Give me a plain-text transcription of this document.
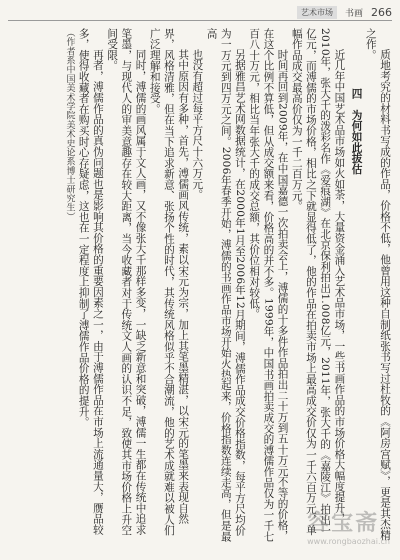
艺术市场	书画 266

质地考究的材料书写成的作品，价格不低，他曾用这种自制纸张书写过杜牧的《阿房宫赋》，更是其杰精之作。

四　为何如此拔估

近几年中国艺术品市场如火如荼，大量资金涌入艺术品市场，一些书画作品的市场价格大幅度提升，2010年，张大千的泼彩名作《爱痕湖》在北京保利拍出1.008亿元，2011年，张大千的《嘉陵江》拍出一亿元，而溥儒的市场价格，相比之下就显得低了，他的作品在拍卖市场上最高成交价仅为一千六百万元，单幅作品成交最高价仅为一千二百万元。

时间再回到2009年，在中国嘉德一次拍卖会上，溥儒的十多件作品拍出二十万到五十万元不等的价格，在这个比例不算低，但从成交额来看，价格高的并不多。1999年，中国书画拍卖成交的溥儒作品仅为一千七百八十万元，相比当年张大千的成交总额，其价位相对较低。

另据雅昌艺术网数据统计，在2000年1月至2006年12月期间，溥儒作品成交价格指数，每平方尺均价为一万元到四万元之间。2006年春季开始，溥儒的书画作品市场开始火热起来，价格指数连续走高，但是最高

也没有超过每平方尺十六万元。

其中原因有多种，首先，溥儒画风传统，素以宋元为宗，加上其笔墨精湛，以宋元的笔墨来表现自然界，风格清雅，但在当下追求新意、张扬个性的时代，其传统风格似乎不合潮流，他的艺术成就难以被人们广泛理解和接受。

同时，溥儒的画风属于文人画，又不像张大千那样多变，一缺乏新意和突破，溥儒一生都在传统中追求笔墨，与现代人的审美意趣存在较大距离，当今收藏者对于传统文人画的认识不足，致使其市场价格上升空间受限。

再者，溥儒作品的真伪问题也是影响其价格的重要因素之一，由于溥儒作品在市场上流通量大，赝品较多，使得收藏者在购买时心存疑虑，这也在一定程度上抑制了溥儒作品价格的提升。

（作者系中国美术学院美术史论系博士研究生）

容宝斋
www.rongbaozhai.cn
